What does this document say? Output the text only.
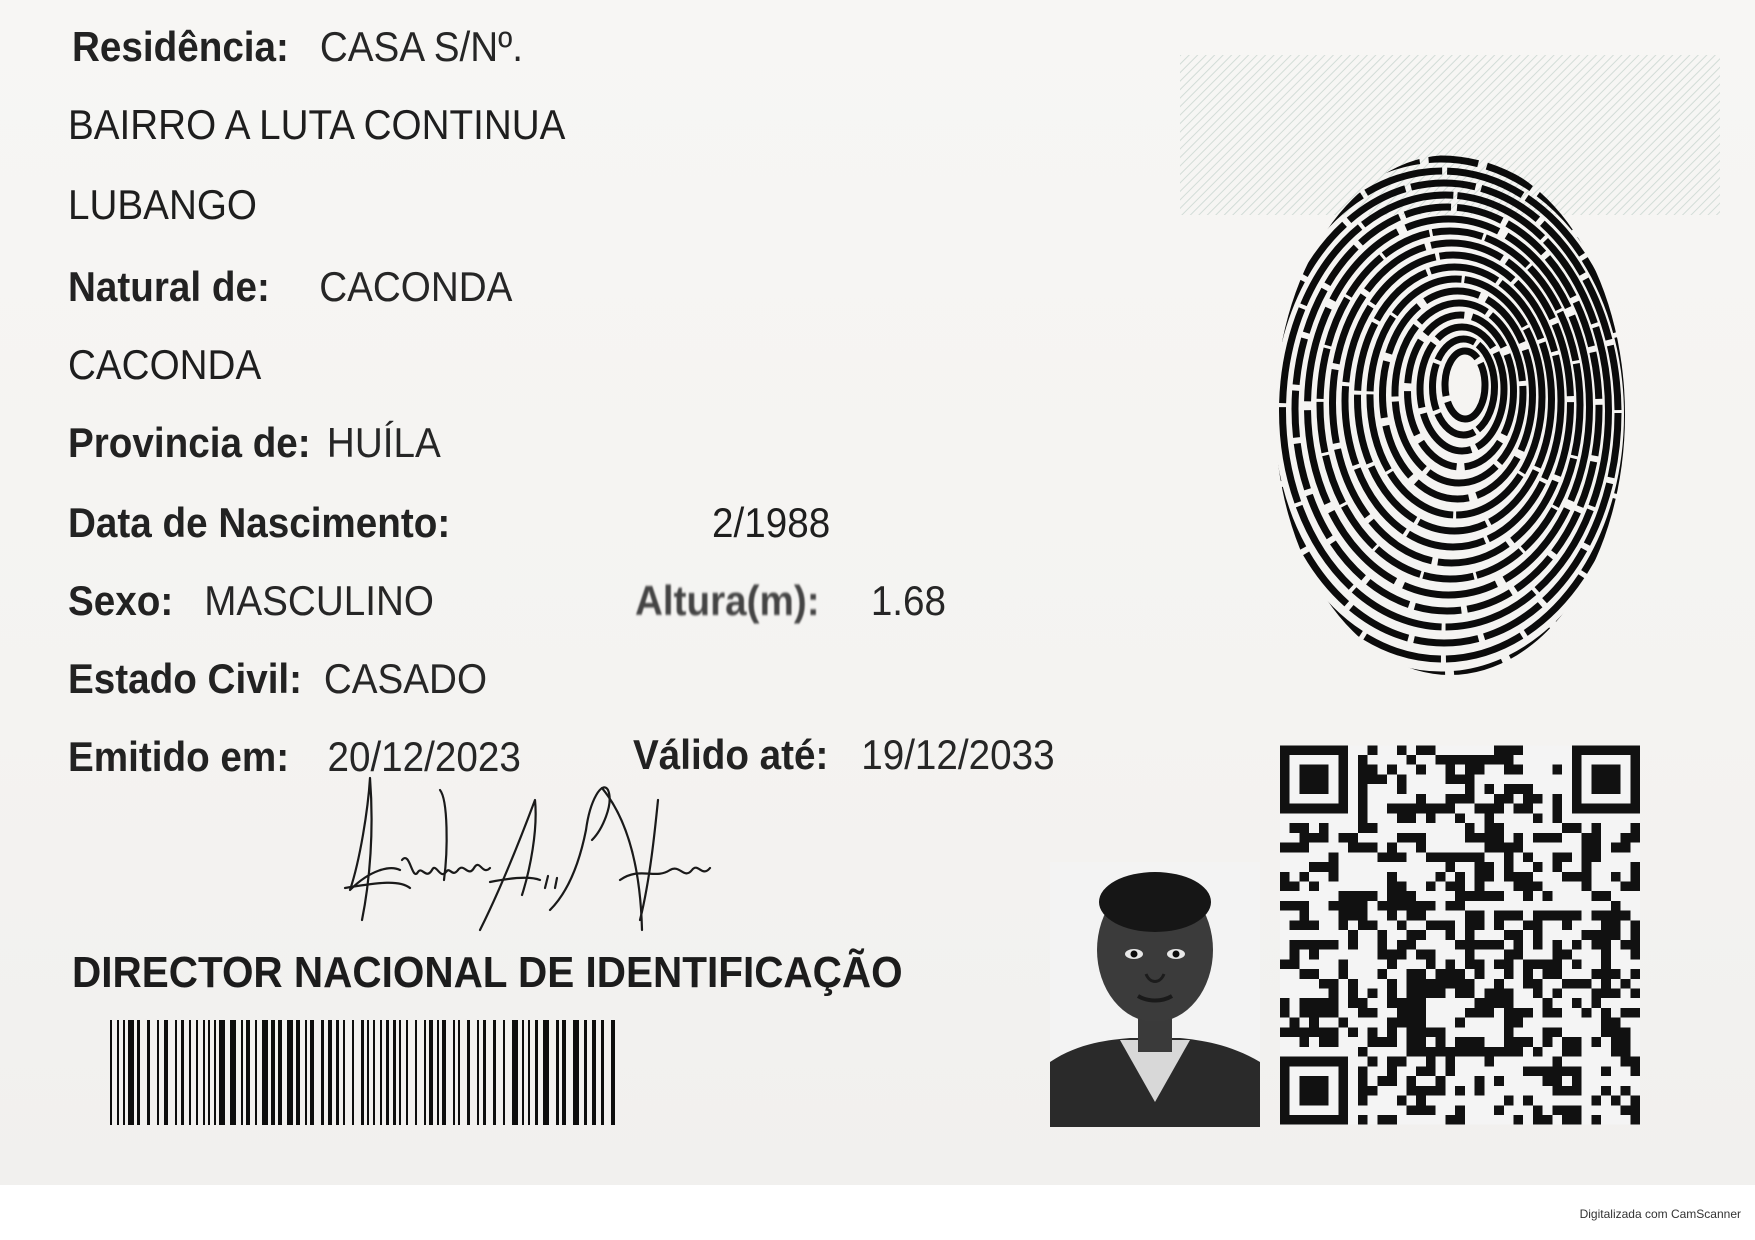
Residência: CASA S/Nº.
BAIRRO A LUTA CONTINUA
LUBANGO
Natural de: CACONDA
CACONDA
Provincia de: HUÍLA
Data de Nascimento:	2/1988
Sexo: MASCULINO	Altura(m): 1.68
Estado Civil: CASADO
Emitido em: 20/12/2023	Válido até: 19/12/2033
DIRECTOR NACIONAL DE IDENTIFICAÇÃO
Digitalizada com CamScanner
